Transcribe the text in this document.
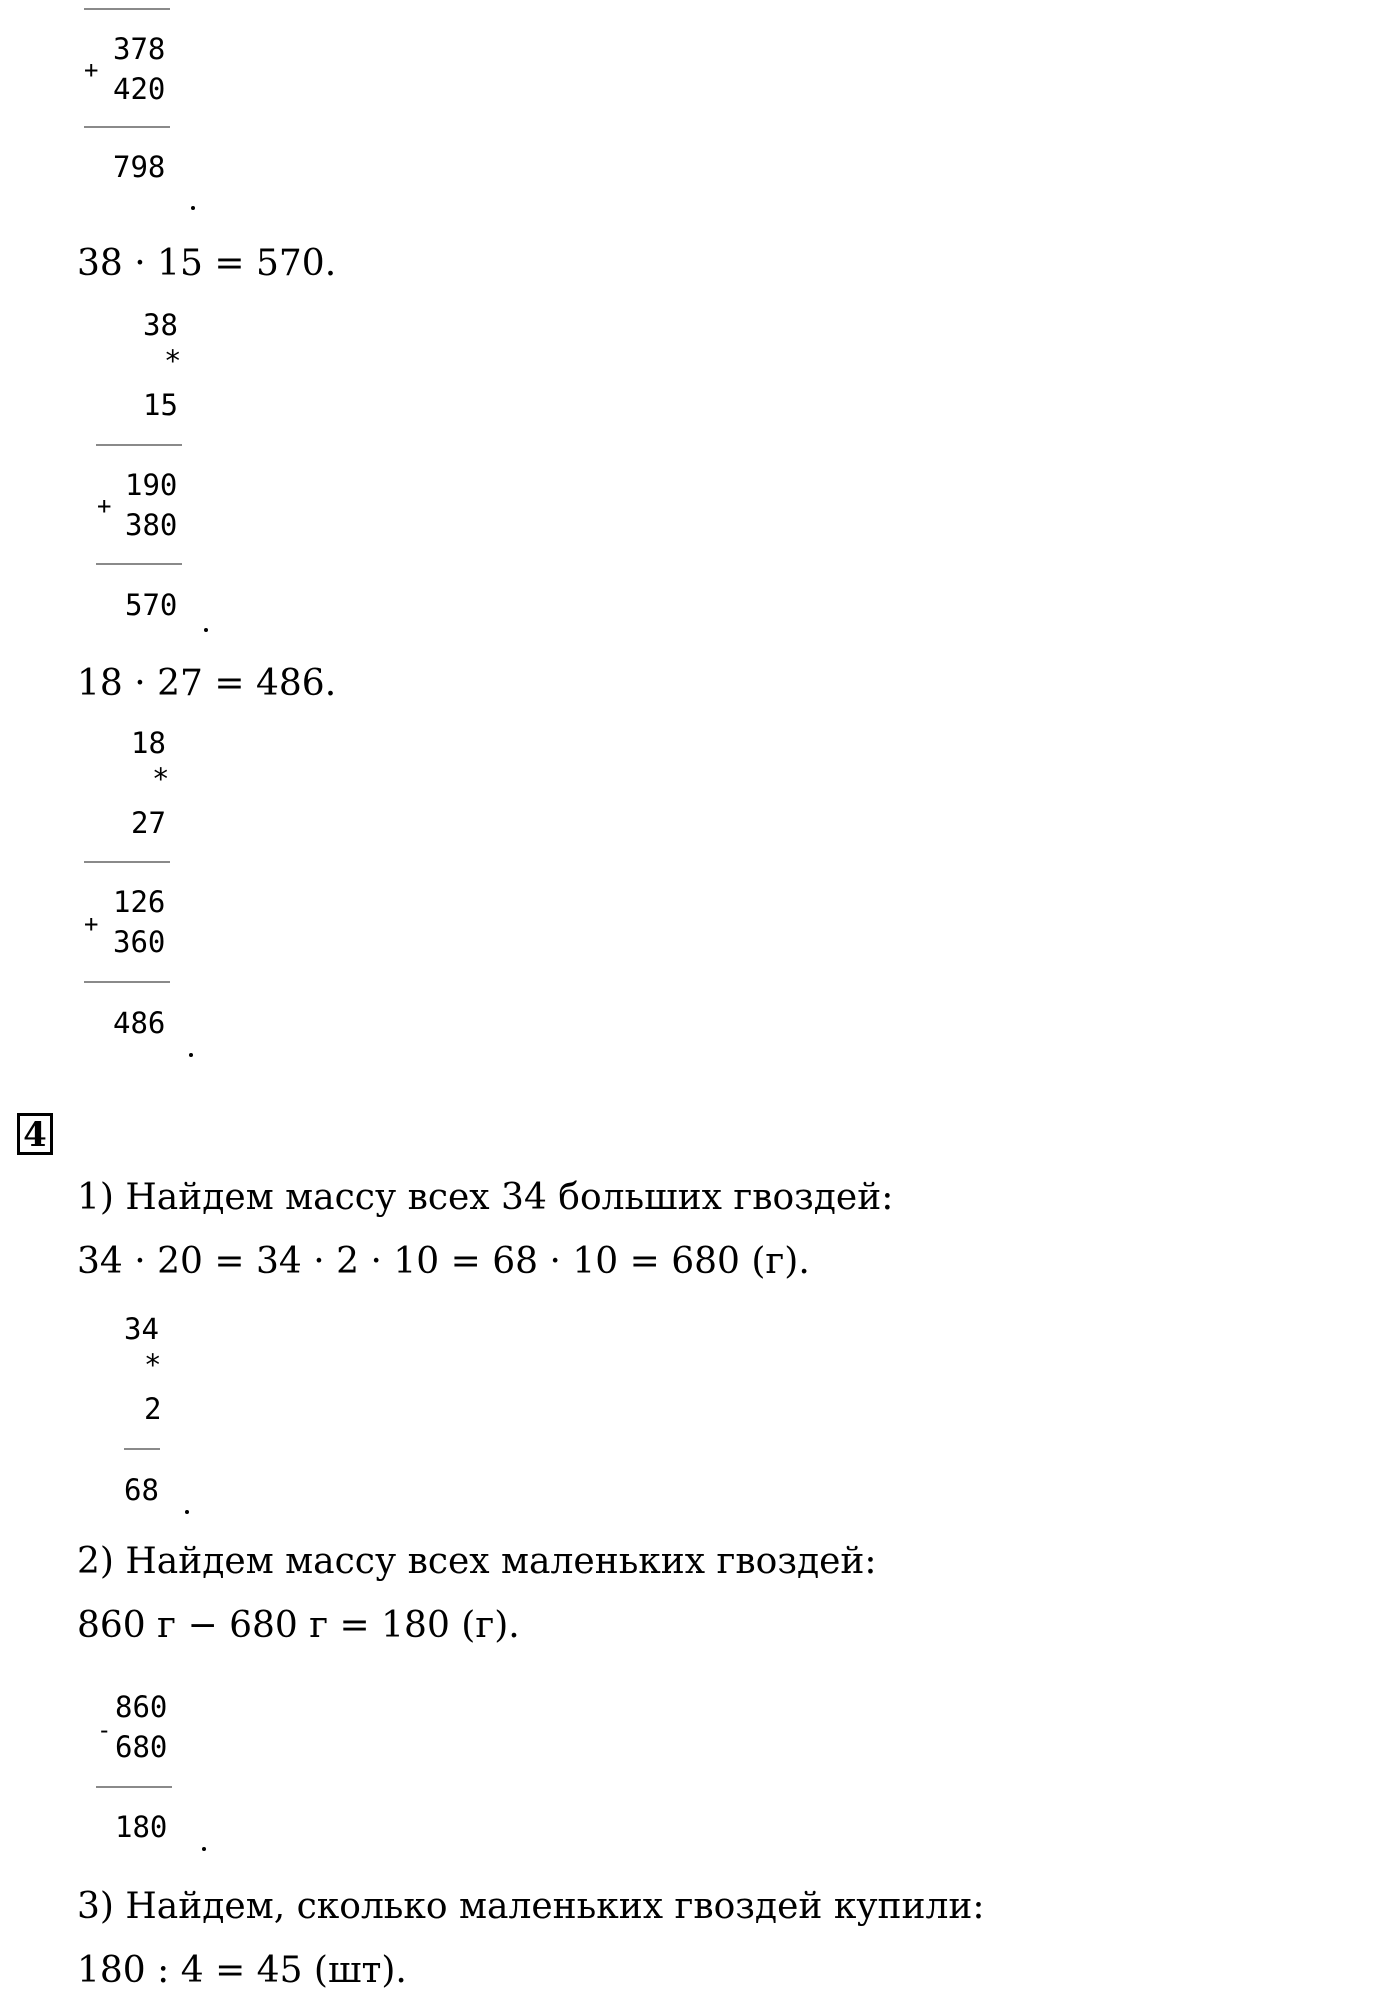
+
378
420
798
38 · 15 = 570.
38
*
15
+
190
380
570
18 · 27 = 486.
18
*
27
+
126
360
486
4
1) Найдем массу всех 34 больших гвоздей:
34 · 20 = 34 · 2 · 10 = 68 · 10 = 680 (г).
34
*
2
68
2) Найдем массу всех маленьких гвоздей:
860 г − 680 г = 180 (г).
-
860
680
180
3) Найдем, сколько маленьких гвоздей купили:
180 : 4 = 45 (шт).
